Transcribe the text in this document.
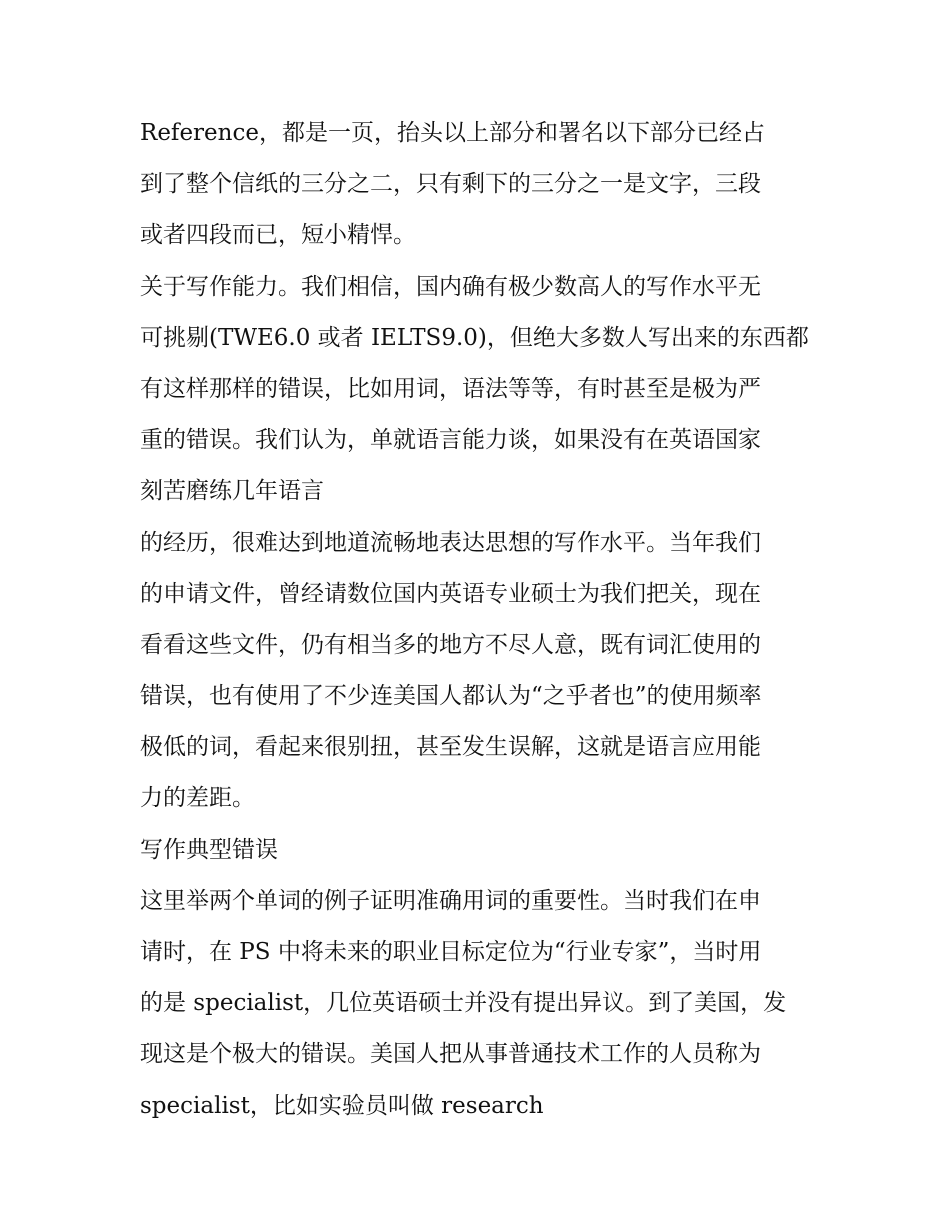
Reference，都是一页，抬头以上部分和署名以下部分已经占
到了整个信纸的三分之二，只有剩下的三分之一是文字，三段
或者四段而已，短小精悍。
关于写作能力。我们相信，国内确有极少数高人的写作水平无
可挑剔(TWE6.0 或者 IELTS9.0)，但绝大多数人写出来的东西都
有这样那样的错误，比如用词，语法等等，有时甚至是极为严
重的错误。我们认为，单就语言能力谈，如果没有在英语国家
刻苦磨练几年语言
的经历，很难达到地道流畅地表达思想的写作水平。当年我们
的申请文件，曾经请数位国内英语专业硕士为我们把关，现在
看看这些文件，仍有相当多的地方不尽人意，既有词汇使用的
错误，也有使用了不少连美国人都认为“之乎者也”的使用频率
极低的词，看起来很别扭，甚至发生误解，这就是语言应用能
力的差距。
写作典型错误
这里举两个单词的例子证明准确用词的重要性。当时我们在申
请时，在 PS 中将未来的职业目标定位为“行业专家”，当时用
的是 specialist，几位英语硕士并没有提出异议。到了美国，发
现这是个极大的错误。美国人把从事普通技术工作的人员称为
specialist，比如实验员叫做 research
